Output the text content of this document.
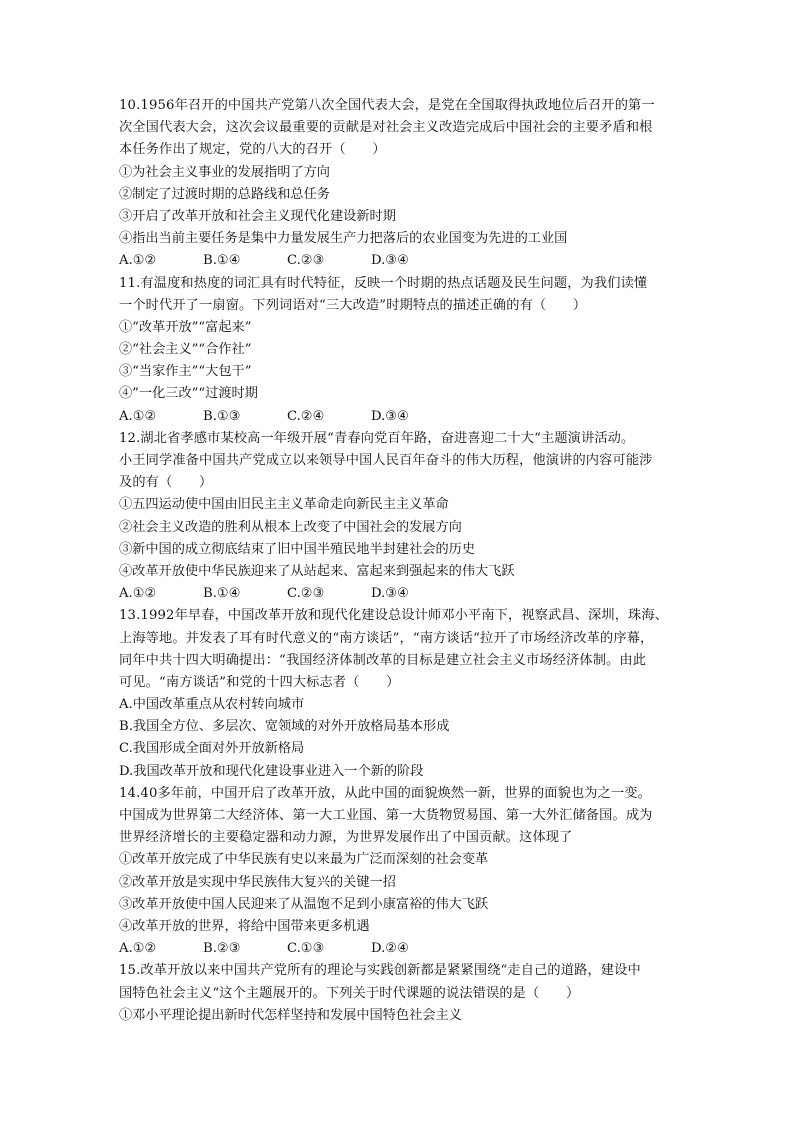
10.1956年召开的中国共产党第八次全国代表大会，是党在全国取得执政地位后召开的第一
次全国代表大会，这次会议最重要的贡献是对社会主义改造完成后中国社会的主要矛盾和根
本任务作出了规定，党的八大的召开（　　）
①为社会主义事业的发展指明了方向
②制定了过渡时期的总路线和总任务
③开启了改革开放和社会主义现代化建设新时期
④指出当前主要任务是集中力量发展生产力把落后的农业国变为先进的工业国
A.①②	B.①④	C.②③	D.③④
11.有温度和热度的词汇具有时代特征，反映一个时期的热点话题及民生问题，为我们读懂
一个时代开了一扇窗。下列词语对“三大改造”时期特点的描述正确的有（　　）
①“改革开放”“富起来”
②“社会主义”“合作社”
③“当家作主”“大包干”
④”一化三改”“过渡时期
A.①②	B.①③	C.②④	D.③④
12.湖北省孝感市某校高一年级开展“青春向党百年路，奋进喜迎二十大“主题演讲活动。
小王同学准备中国共产党成立以来领导中国人民百年奋斗的伟大历程，他演讲的内容可能涉
及的有（　　）
①五四运动使中国由旧民主主义革命走向新民主主义革命
②社会主义改造的胜利从根本上改变了中国社会的发展方向
③新中国的成立彻底结束了旧中国半殖民地半封建社会的历史
④改革开放使中华民族迎来了从站起来、富起来到强起来的伟大飞跃
A.①②	B.①④	C.②③	D.③④
13.1992年早春，中国改革开放和现代化建设总设计师邓小平南下，视察武昌、深圳，珠海、
上海等地。并发表了耳有时代意义的“南方谈话”，“南方谈话“拉开了市场经济改革的序幕，
同年中共十四大明确提出：“我国经济体制改革的目标是建立社会主义市场经济体制。由此
可见。“南方谈话”和党的十四大标志者（　　）
A.中国改革重点从农村转向城市
B.我国全方位、多层次、宽领域的对外开放格局基本形成
C.我国形成全面对外开放新格局
D.我国改革开放和现代化建设事业进入一个新的阶段
14.40多年前，中国开启了改革开放，从此中国的面貌焕然一新，世界的面貌也为之一变。
中国成为世界第二大经济体、第一大工业国、第一大货物贸易国、第一大外汇储备国。成为
世界经济增长的主要稳定器和动力源，为世界发展作出了中国贡献。这体现了
①改革开放完成了中华民族有史以来最为广泛而深刻的社会变革
②改革开放是实现中华民族伟大复兴的关键一招
③改革开放使中国人民迎来了从温饱不足到小康富裕的伟大飞跃
④改革开放的世界，将给中国带来更多机遇
A.①②	B.②③	C.①③	D.②④
15.改革开放以来中国共产党所有的理论与实践创新都是紧紧围绕“走自己的道路，建设中
国特色社会主义“这个主题展开的。下列关于时代课题的说法错误的是（　　）
①邓小平理论提出新时代怎样坚持和发展中国特色社会主义
